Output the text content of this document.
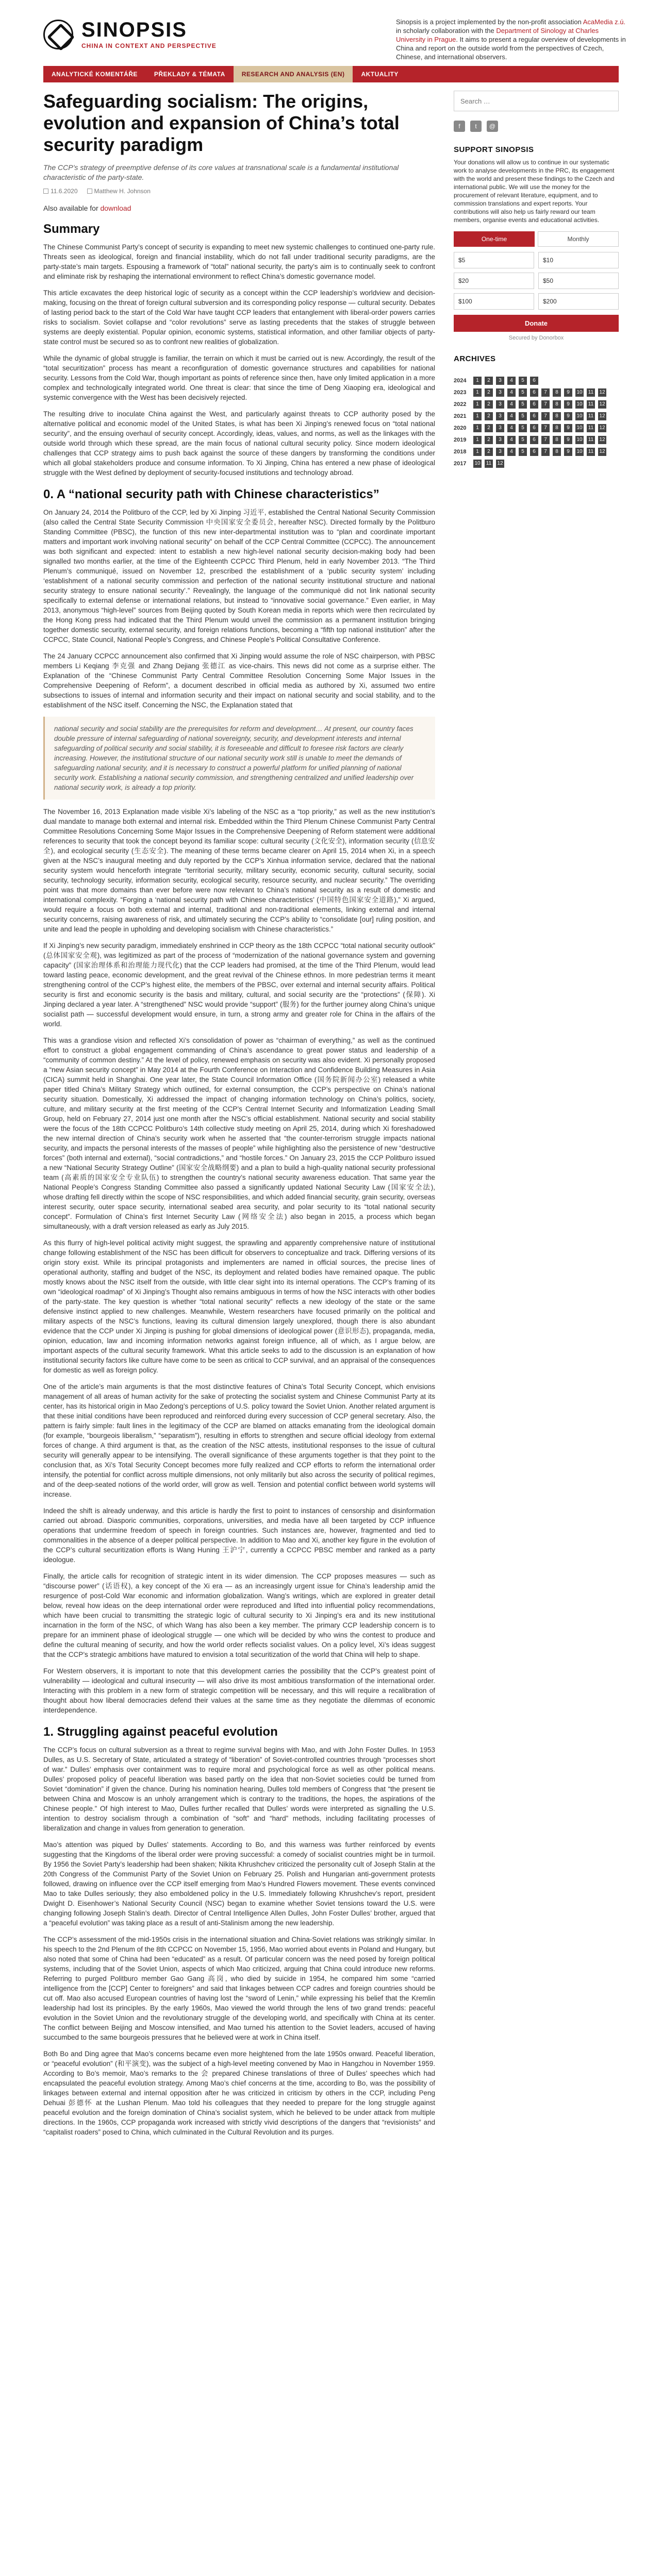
SINOPSIS
CHINA IN CONTEXT AND PERSPECTIVE
Sinopsis is a project implemented by the non-profit association AcaMedia z.ú. in scholarly collaboration with the Department of Sinology at Charles University in Prague. It aims to present a regular overview of developments in China and report on the outside world from the perspectives of Czech, Chinese, and international observers.
ANALYTICKÉ KOMENTÁŘE	PŘEKLADY & TÉMATA	RESEARCH AND ANALYSIS (EN)	AKTUALITY
Safeguarding socialism: The origins, evolution and expansion of China’s total security paradigm
The CCP’s strategy of preemptive defense of its core values at transnational scale is a fundamental institutional characteristic of the party-state.
11.6.2020	Matthew H. Johnson
Also available for download
Summary

The Chinese Communist Party’s concept of security is expanding to meet new systemic challenges to continued one-party rule. Threats seen as ideological, foreign and financial instability, which do not fall under traditional security paradigms, are the party-state’s main targets. Espousing a framework of “total” national security, the party’s aim is to continually seek to confront and eliminate risk by reshaping the international environment to reflect China’s domestic governance model.

This article excavates the deep historical logic of security as a concept within the CCP leadership’s worldview and decision-making, focusing on the threat of foreign cultural subversion and its corresponding policy response — cultural security. Debates of lasting period back to the start of the Cold War have taught CCP leaders that entanglement with liberal-order powers carries risks to socialism. Soviet collapse and “color revolutions” serve as lasting precedents that the stakes of struggle between systems are deeply existential. Popular opinion, economic systems, statistical information, and other familiar objects of party-state control must be secured so as to confront new realities of globalization.

While the dynamic of global struggle is familiar, the terrain on which it must be carried out is new. Accordingly, the result of the “total securitization” process has meant a reconfiguration of domestic governance structures and capabilities for national security. Lessons from the Cold War, though important as points of reference since then, have only limited application in a more complex and technologically integrated world. One threat is clear: that since the time of Deng Xiaoping era, ideological and systemic convergence with the West has been decisively rejected.

The resulting drive to inoculate China against the West, and particularly against threats to CCP authority posed by the alternative political and economic model of the United States, is what has been Xi Jinping’s renewed focus on “total national security”, and the ensuing overhaul of security concept. Accordingly, ideas, values, and norms, as well as the linkages with the outside world through which these spread, are the main focus of national cultural security policy. Since modern ideological challenges that CCP strategy aims to push back against the source of these dangers by transforming the conditions under which all global stakeholders produce and consume information. To Xi Jinping, China has entered a new phase of ideological struggle with the West defined by deployment of security-focused institutions and technology abroad.

0. A “national security path with Chinese characteristics”

On January 24, 2014 the Politburo of the CCP, led by Xi Jinping 习近平, established the Central National Security Commission (also called the Central State Security Commission 中央国家安全委员会, hereafter NSC). Directed formally by the Politburo Standing Committee (PBSC), the function of this new inter-departmental institution was to “plan and coordinate important matters and important work involving national security” on behalf of the CCP Central Committee (CCPCC). The announcement was both significant and expected: intent to establish a new high-level national security decision-making body had been signalled two months earlier, at the time of the Eighteenth CCPCC Third Plenum, held in early November 2013. “The Third Plenum’s communiqué, issued on November 12, prescribed the establishment of a ‘public security system’ including ‘establishment of a national security commission and perfection of the national security institutional structure and national security strategy to ensure national security’.” Revealingly, the language of the communiqué did not link national security specifically to external defense or international relations, but instead to “innovative social governance.” Even earlier, in May 2013, anonymous “high-level” sources from Beijing quoted by South Korean media in reports which were then recirculated by the Hong Kong press had indicated that the Third Plenum would unveil the commission as a permanent institution bringing together domestic security, external security, and foreign relations functions, becoming a “fifth top national institution” after the CCPCC, State Council, National People’s Congress, and Chinese People’s Political Consultative Conference.

The 24 January CCPCC announcement also confirmed that Xi Jinping would assume the role of NSC chairperson, with PBSC members Li Keqiang 李克强 and Zhang Dejiang 张德江 as vice-chairs. This news did not come as a surprise either. The Explanation of the “Chinese Communist Party Central Committee Resolution Concerning Some Major Issues in the Comprehensive Deepening of Reform”, a document described in official media as authored by Xi, assumed two entire subsections to issues of internal and information security and their impact on national security and social stability, and to the establishment of the NSC itself. Concerning the NSC, the Explanation stated that

national security and social stability are the prerequisites for reform and development… At present, our country faces double pressure of internal safeguarding of national sovereignty, security, and development interests and internal safeguarding of political security and social stability, it is foreseeable and difficult to foresee risk factors are clearly increasing. However, the institutional structure of our national security work still is unable to meet the demands of safeguarding national security, and it is necessary to construct a powerful platform for unified planning of national security work. Establishing a national security commission, and strengthening centralized and unified leadership over national security work, is already a top priority.

The November 16, 2013 Explanation made visible Xi’s labeling of the NSC as a “top priority,” as well as the new institution’s dual mandate to manage both external and internal risk. Embedded within the Third Plenum Chinese Communist Party Central Committee Resolutions Concerning Some Major Issues in the Comprehensive Deepening of Reform statement were additional references to security that took the concept beyond its familiar scope: cultural security (文化安全), information security (信息安全), and ecological security (生态安全). The meaning of these terms became clearer on April 15, 2014 when Xi, in a speech given at the NSC’s inaugural meeting and duly reported by the CCP’s Xinhua information service, declared that the national security system would henceforth integrate “territorial security, military security, economic security, cultural security, social security, technology security, information security, ecological security, resource security, and nuclear security.” The overriding point was that more domains than ever before were now relevant to China’s national security as a result of domestic and international complexity. “Forging a ‘national security path with Chinese characteristics’ (中国特色国家安全道路),” Xi argued, would require a focus on both external and internal, traditional and non-traditional elements, linking external and internal security concerns, raising awareness of risk, and ultimately securing the CCP’s ability to “consolidate [our] ruling position, and unite and lead the people in upholding and developing socialism with Chinese characteristics.”

If Xi Jinping’s new security paradigm, immediately enshrined in CCP theory as the 18th CCPCC “total national security outlook” (总体国家安全观), was legitimized as part of the process of “modernization of the national governance system and governing capacity” (国家治理体系和治理能力现代化) that the CCP leaders had promised, at the time of the Third Plenum, would lead toward lasting peace, economic development, and the great revival of the Chinese ethnos. In more pedestrian terms it meant strengthening control of the CCP’s highest elite, the members of the PBSC, over external and internal security affairs. Political security is first and economic security is the basis and military, cultural, and social security are the “protections” (保障). Xi Jinping declared a year later. A “strengthened” NSC would provide “support” (服务) for the further journey along China’s unique socialist path — successful development would ensure, in turn, a strong army and greater role for China in the affairs of the world.

This was a grandiose vision and reflected Xi’s consolidation of power as “chairman of everything,” as well as the continued effort to construct a global engagement commanding of China’s ascendance to great power status and leadership of a “community of common destiny.” At the level of policy, renewed emphasis on security was also evident. Xi personally proposed a “new Asian security concept” in May 2014 at the Fourth Conference on Interaction and Confidence Building Measures in Asia (CICA) summit held in Shanghai. One year later, the State Council Information Office (国务院新闻办公室) released a white paper titled China’s Military Strategy which outlined, for external consumption, the CCP’s perspective on China’s national security situation. Domestically, Xi addressed the impact of changing information technology on China’s politics, society, culture, and military security at the first meeting of the CCP’s Central Internet Security and Informatization Leading Small Group, held on February 27, 2014 just one month after the NSC’s official establishment. National security and social stability were the focus of the 18th CCPCC Politburo’s 14th collective study meeting on April 25, 2014, during which Xi foreshadowed the new internal direction of China’s security work when he asserted that “the counter-terrorism struggle impacts national security, and impacts the personal interests of the masses of people” while highlighting also the persistence of new “destructive forces” (both internal and external), “social contradictions,” and “hostile forces.” On January 23, 2015 the CCP Politburo issued a new “National Security Strategy Outline” (国家安全战略纲要) and a plan to build a high-quality national security professional team (高素质的国家安全专业队伍) to strengthen the country’s national security awareness education. That same year the National People’s Congress Standing Committee also passed a significantly updated National Security Law (国家安全法), whose drafting fell directly within the scope of NSC responsibilities, and which added financial security, grain security, overseas interest security, outer space security, international seabed area security, and polar security to its “total national security concept”. Formulation of China’s first Internet Security Law (网络安全法) also began in 2015, a process which began simultaneously, with a draft version released as early as July 2015.

As this flurry of high-level political activity might suggest, the sprawling and apparently comprehensive nature of institutional change following establishment of the NSC has been difficult for observers to conceptualize and track. Differing versions of its origin story exist. While its principal protagonists and implementers are named in official sources, the precise lines of operational authority, staffing and budget of the NSC, its deployment and related bodies have remained opaque. The public mostly knows about the NSC itself from the outside, with little clear sight into its internal operations. The CCP’s framing of its own “ideological roadmap” of Xi Jinping’s Thought also remains ambiguous in terms of how the NSC interacts with other bodies of the party-state. The key question is whether “total national security” reflects a new ideology of the state or the same defensive instinct applied to new challenges. Meanwhile, Western researchers have focused primarily on the political and military aspects of the NSC’s functions, leaving its cultural dimension largely unexplored, though there is also abundant evidence that the CCP under Xi Jinping is pushing for global dimensions of ideological power (意识形态), propaganda, media, opinion, education, law and incoming information networks against foreign influence, all of which, as I argue below, are important aspects of the cultural security framework. What this article seeks to add to the discussion is an explanation of how institutional security factors like culture have come to be seen as critical to CCP survival, and an appraisal of the consequences for domestic as well as foreign policy.

One of the article’s main arguments is that the most distinctive features of China’s Total Security Concept, which envisions management of all areas of human activity for the sake of protecting the socialist system and Chinese Communist Party at its center, has its historical origin in Mao Zedong’s perceptions of U.S. policy toward the Soviet Union. Another related argument is that these initial conditions have been reproduced and reinforced during every succession of CCP general secretary. Also, the pattern is fairly simple: fault lines in the legitimacy of the CCP are blamed on attacks emanating from the ideological domain (for example, “bourgeois liberalism,” “separatism”), resulting in efforts to strengthen and secure official ideology from external forces of change. A third argument is that, as the creation of the NSC attests, institutional responses to the issue of cultural security will generally appear to be intensifying. The overall significance of these arguments together is that they point to the conclusion that, as Xi’s Total Security Concept becomes more fully realized and CCP efforts to reform the international order intensify, the potential for conflict across multiple dimensions, not only militarily but also across the security of political regimes, and of the deep-seated notions of the world order, will grow as well. Tension and potential conflict between world systems will increase.

Indeed the shift is already underway, and this article is hardly the first to point to instances of censorship and disinformation carried out abroad. Diasporic communities, corporations, universities, and media have all been targeted by CCP influence operations that undermine freedom of speech in foreign countries. Such instances are, however, fragmented and tied to commonalities in the absence of a deeper political perspective. In addition to Mao and Xi, another key figure in the evolution of the CCP’s cultural securitization efforts is Wang Huning 王沪宁, currently a CCPCC PBSC member and ranked as a party ideologue.

Finally, the article calls for recognition of strategic intent in its wider dimension. The CCP proposes measures — such as “discourse power” (话语权), a key concept of the Xi era — as an increasingly urgent issue for China’s leadership amid the resurgence of post-Cold War economic and information globalization. Wang’s writings, which are explored in greater detail below, reveal how ideas on the deep international order were reproduced and lifted into influential policy recommendations, which have been crucial to transmitting the strategic logic of cultural security to Xi Jinping’s era and its new institutional incarnation in the form of the NSC, of which Wang has also been a key member. The primary CCP leadership concern is to prepare for an imminent phase of ideological struggle — one which will be decided by who wins the contest to produce and define the cultural meaning of security, and how the world order reflects socialist values. On a policy level, Xi’s ideas suggest that the CCP’s strategic ambitions have matured to envision a total securitization of the world that China will help to shape.

For Western observers, it is important to note that this development carries the possibility that the CCP’s greatest point of vulnerability — ideological and cultural insecurity — will also drive its most ambitious transformation of the international order. Interacting with this problem in a new form of strategic competition will be necessary, and this will require a recalibration of thought about how liberal democracies defend their values at the same time as they negotiate the dilemmas of economic interdependence.

1. Struggling against peaceful evolution

The CCP’s focus on cultural subversion as a threat to regime survival begins with Mao, and with John Foster Dulles. In 1953 Dulles, as U.S. Secretary of State, articulated a strategy of “liberation” of Soviet-controlled countries through “processes short of war.” Dulles’ emphasis over containment was to require moral and psychological force as well as other political means. Dulles’ proposed policy of peaceful liberation was based partly on the idea that non-Soviet societies could be turned from Soviet “domination” if given the chance. During his nomination hearing, Dulles told members of Congress that “the present tie between China and Moscow is an unholy arrangement which is contrary to the traditions, the hopes, the aspirations of the Chinese people.” Of high interest to Mao, Dulles further recalled that Dulles’ words were interpreted as signalling the U.S. intention to destroy socialism through a combination of “soft” and “hard” methods, including facilitating processes of liberalization and change in values from generation to generation.

Mao’s attention was piqued by Dulles’ statements. According to Bo, and this warness was further reinforced by events suggesting that the Kingdoms of the liberal order were proving successful: a comedy of socialist countries might be in turmoil. By 1956 the Soviet Party’s leadership had been shaken; Nikita Khrushchev criticized the personality cult of Joseph Stalin at the 20th Congress of the Communist Party of the Soviet Union on February 25. Polish and Hungarian anti-government protests followed, drawing on influence over the CCP itself emerging from Mao’s Hundred Flowers movement. These events convinced Mao to take Dulles seriously; they also emboldened policy in the U.S. Immediately following Khrushchev’s report, president Dwight D. Eisenhower’s National Security Council (NSC) began to examine whether Soviet tensions toward the U.S. were changing following Joseph Stalin’s death. Director of Central Intelligence Allen Dulles, John Foster Dulles’ brother, argued that a “peaceful evolution” was taking place as a result of anti-Stalinism among the new leadership.

The CCP’s assessment of the mid-1950s crisis in the international situation and China-Soviet relations was strikingly similar. In his speech to the 2nd Plenum of the 8th CCPCC on November 15, 1956, Mao worried about events in Poland and Hungary, but also noted that some of China had been “educated” as a result. Of particular concern was the need posed by foreign political systems, including that of the Soviet Union, aspects of which Mao criticized, arguing that China could introduce new reforms. Referring to purged Politburo member Gao Gang 高岗, who died by suicide in 1954, he compared him some “carried intelligence from the [CCP] Center to foreigners” and said that linkages between CCP cadres and foreign countries should be cut off. Mao also accused European countries of having lost the “sword of Lenin,” while expressing his belief that the Kremlin leadership had lost its principles. By the early 1960s, Mao viewed the world through the lens of two grand trends: peaceful evolution in the Soviet Union and the revolutionary struggle of the developing world, and specifically with China at its center. The conflict between Beijing and Moscow intensified, and Mao turned his attention to the Soviet leaders, accused of having succumbed to the same bourgeois pressures that he believed were at work in China itself.

Both Bo and Ding agree that Mao’s concerns became even more heightened from the late 1950s onward. Peaceful liberation, or “peaceful evolution” (和平演变), was the subject of a high-level meeting convened by Mao in Hangzhou in November 1959. According to Bo’s memoir, Mao’s remarks to the 会 prepared Chinese translations of three of Dulles’ speeches which had encapsulated the peaceful evolution strategy. Among Mao’s chief concerns at the time, according to Bo, was the possibility of linkages between external and internal opposition after he was criticized in criticism by others in the CCP, including Peng Dehuai 彭德怀 at the Lushan Plenum. Mao told his colleagues that they needed to prepare for the long struggle against peaceful evolution and the foreign domination of China’s socialist system, which he believed to be under attack from multiple directions. In the 1960s, CCP propaganda work increased with strictly vivid descriptions of the dangers that “revisionists” and “capitalist roaders” posed to China, which culminated in the Cultural Revolution and its purges.

Search …
f	t	@
SUPPORT SINOPSIS
Your donations will allow us to continue in our systematic work to analyse developments in the PRC, its engagement with the world and present these findings to the Czech and international public. We will use the money for the procurement of relevant literature, equipment, and to commission translations and expert reports. Your contributions will also help us fairly reward our team members, organise events and educational activities.
One-time	Monthly
$5	$10
$20	$50
$100	$200
Donate
Secured by Donorbox
ARCHIVES
2024	1	2	3	4	5	6
2023	1	2	3	4	5	6	7	8	9	10 11 12
2022	1	2	3	4	5	6	7	8	9	10 11 12
2021	1	2	3	4	5	6	7	8	9	10 11 12
2020	1	2	3	4	5	6	7	8	9	10 11 12
2019	1	2	3	4	5	6	7	8	9	10 11 12
2018	1	2	3	4	5	6	7	8	9	10 11 12
2017	10 11 12
